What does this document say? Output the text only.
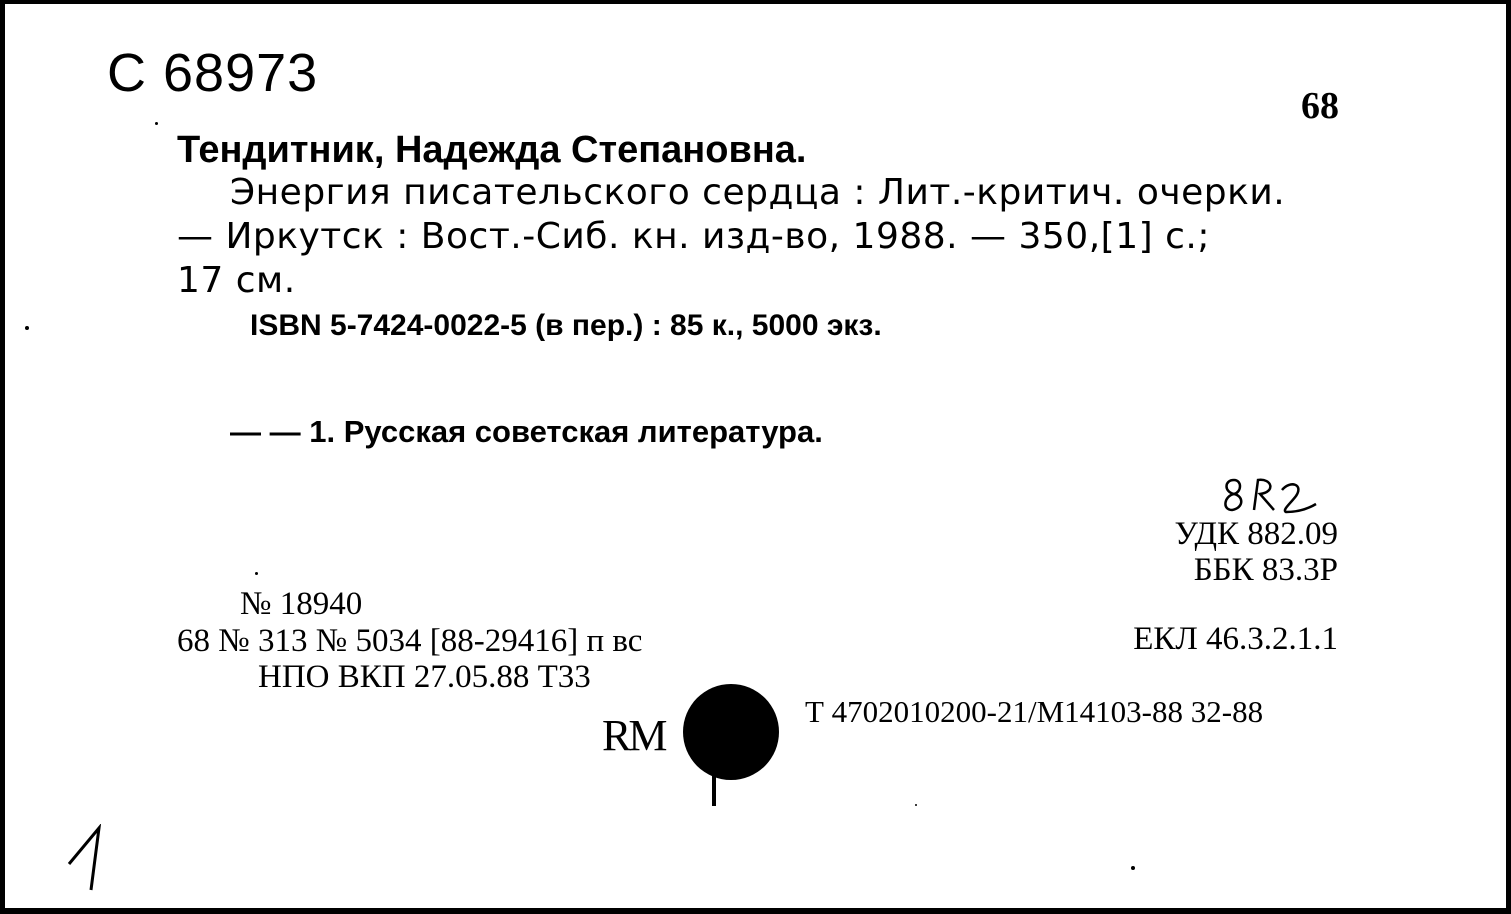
С 68973
68
Тендитник, Надежда Степановна.
Энергия писательского сердца : Лит.-критич. очерки.
— Иркутск : Вост.-Сиб. кн. изд-во, 1988. — 350,[1] с.;
17 см.
ISBN 5-7424-0022-5 (в пер.) : 85 к., 5000 экз.
— — 1. Русская советская литература.
УДК 882.09
ББК 83.3Р
№ 18940
68 № 313 № 5034 [88-29416] п вс
НПО ВКП 27.05.88 Т33
ЕКЛ 46.3.2.1.1
RM	Т 4702010200-21/М14103-88 32-88
